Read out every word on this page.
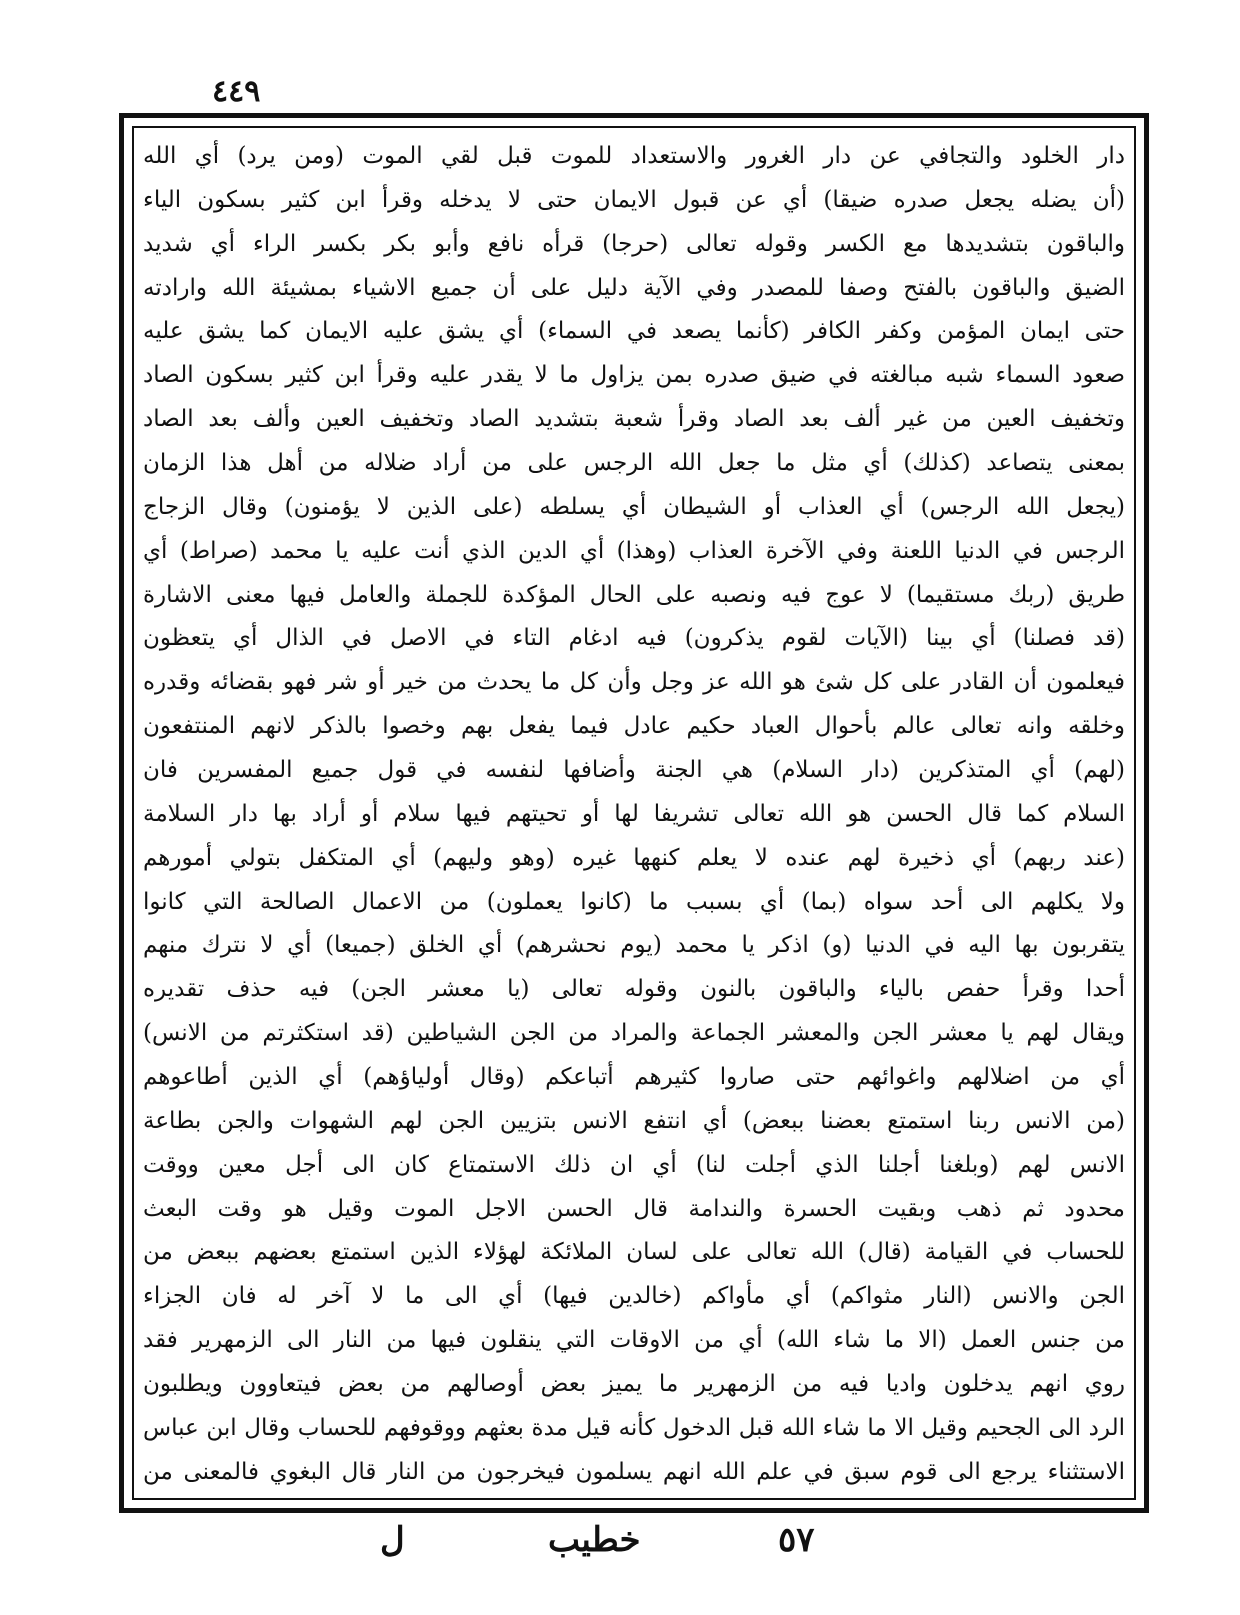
٤٤٩
دار الخلود والتجافي عن دار الغرور والاستعداد للموت قبل لقي الموت (ومن يرد) أي الله
(أن يضله يجعل صدره ضيقا) أي عن قبول الايمان حتى لا يدخله وقرأ ابن كثير بسكون الياء
والباقون بتشديدها مع الكسر وقوله تعالى (حرجا) قرأه نافع وأبو بكر بكسر الراء أي شديد
الضيق والباقون بالفتح وصفا للمصدر وفي الآية دليل على أن جميع الاشياء بمشيئة الله وارادته
حتى ايمان المؤمن وكفر الكافر (كأنما يصعد في السماء) أي يشق عليه الايمان كما يشق عليه
صعود السماء شبه مبالغته في ضيق صدره بمن يزاول ما لا يقدر عليه وقرأ ابن كثير بسكون الصاد
وتخفيف العين من غير ألف بعد الصاد وقرأ شعبة بتشديد الصاد وتخفيف العين وألف بعد الصاد
بمعنى يتصاعد (كذلك) أي مثل ما جعل الله الرجس على من أراد ضلاله من أهل هذا الزمان
(يجعل الله الرجس) أي العذاب أو الشيطان أي يسلطه (على الذين لا يؤمنون) وقال الزجاج
الرجس في الدنيا اللعنة وفي الآخرة العذاب (وهذا) أي الدين الذي أنت عليه يا محمد (صراط) أي
طريق (ربك مستقيما) لا عوج فيه ونصبه على الحال المؤكدة للجملة والعامل فيها معنى الاشارة
(قد فصلنا) أي بينا (الآيات لقوم يذكرون) فيه ادغام التاء في الاصل في الذال أي يتعظون
فيعلمون أن القادر على كل شئ هو الله عز وجل وأن كل ما يحدث من خير أو شر فهو بقضائه وقدره
وخلقه وانه تعالى عالم بأحوال العباد حكيم عادل فيما يفعل بهم وخصوا بالذكر لانهم المنتفعون
(لهم) أي المتذكرين (دار السلام) هي الجنة وأضافها لنفسه في قول جميع المفسرين فان
السلام كما قال الحسن هو الله تعالى تشريفا لها أو تحيتهم فيها سلام أو أراد بها دار السلامة
(عند ربهم) أي ذخيرة لهم عنده لا يعلم كنهها غيره (وهو وليهم) أي المتكفل بتولي أمورهم
ولا يكلهم الى أحد سواه (بما) أي بسبب ما (كانوا يعملون) من الاعمال الصالحة التي كانوا
يتقربون بها اليه في الدنيا (و) اذكر يا محمد (يوم نحشرهم) أي الخلق (جميعا) أي لا نترك منهم
أحدا وقرأ حفص بالياء والباقون بالنون وقوله تعالى (يا معشر الجن) فيه حذف تقديره
ويقال لهم يا معشر الجن والمعشر الجماعة والمراد من الجن الشياطين (قد استكثرتم من الانس)
أي من اضلالهم واغوائهم حتى صاروا كثيرهم أتباعكم (وقال أولياؤهم) أي الذين أطاعوهم
(من الانس ربنا استمتع بعضنا ببعض) أي انتفع الانس بتزيين الجن لهم الشهوات والجن بطاعة
الانس لهم (وبلغنا أجلنا الذي أجلت لنا) أي ان ذلك الاستمتاع كان الى أجل معين ووقت
محدود ثم ذهب وبقيت الحسرة والندامة قال الحسن الاجل الموت وقيل هو وقت البعث
للحساب في القيامة (قال) الله تعالى على لسان الملائكة لهؤلاء الذين استمتع بعضهم ببعض من
الجن والانس (النار مثواكم) أي مأواكم (خالدين فيها) أي الى ما لا آخر له فان الجزاء
من جنس العمل (الا ما شاء الله) أي من الاوقات التي ينقلون فيها من النار الى الزمهرير فقد
روي انهم يدخلون واديا فيه من الزمهرير ما يميز بعض أوصالهم من بعض فيتعاوون ويطلبون
الرد الى الجحيم وقيل الا ما شاء الله قبل الدخول كأنه قيل مدة بعثهم ووقوفهم للحساب وقال ابن عباس
الاستثناء يرجع الى قوم سبق في علم الله انهم يسلمون فيخرجون من النار قال البغوي فالمعنى من
٥٧
خطيب
ل
